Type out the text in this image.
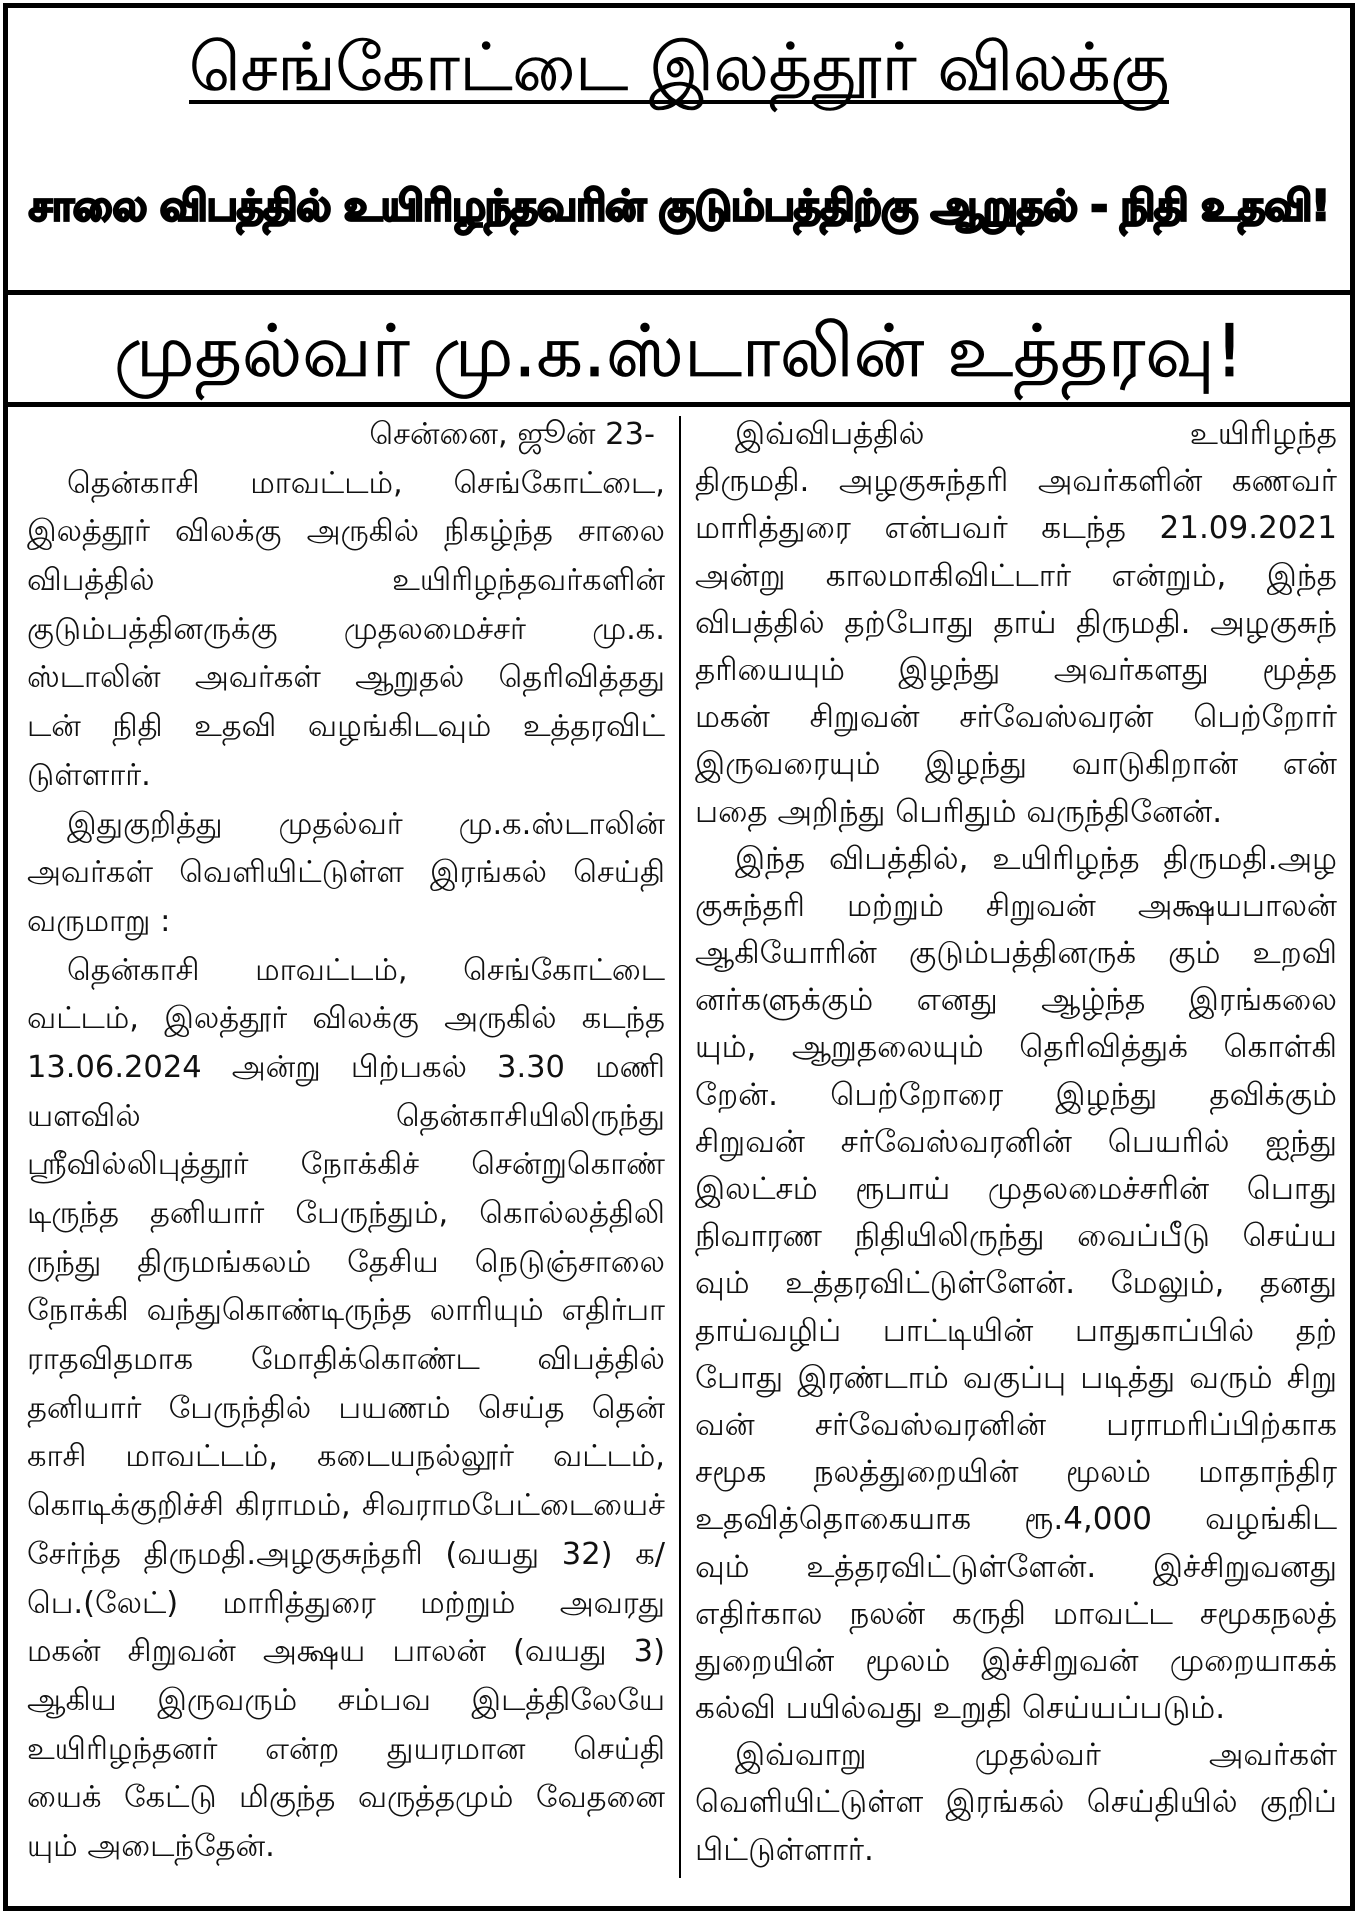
செங்கோட்டை இலத்தூர் விலக்கு
சாலை விபத்தில் உயிரிழந்தவரின் குடும்பத்திற்கு ஆறுதல் - நிதி உதவி!
முதல்வர் மு.க.ஸ்டாலின் உத்தரவு!
சென்னை, ஜூன் 23-
தென்காசி மாவட்டம், செங்கோட்டை,
இலத்தூர் விலக்கு அருகில் நிகழ்ந்த சாலை
விபத்தில் உயிரிழந்தவர்களின்
குடும்பத்தினருக்கு முதலமைச்சர் மு.க.
ஸ்டாலின் அவர்கள் ஆறுதல் தெரிவித்தது
டன் நிதி உதவி வழங்கிடவும் உத்தரவிட்
டுள்ளார்.
இதுகுறித்து முதல்வர் மு.க.ஸ்டாலின்
அவர்கள் வெளியிட்டுள்ள இரங்கல் செய்தி
வருமாறு :
தென்காசி மாவட்டம், செங்கோட்டை
வட்டம், இலத்தூர் விலக்கு அருகில் கடந்த
13.06.2024 அன்று பிற்பகல் 3.30 மணி
யளவில் தென்காசியிலிருந்து
ஸ்ரீவில்லிபுத்தூர் நோக்கிச் சென்றுகொண்
டிருந்த தனியார் பேருந்தும், கொல்லத்திலி
ருந்து திருமங்கலம் தேசிய நெடுஞ்சாலை
நோக்கி வந்துகொண்டிருந்த லாரியும் எதிர்பா
ராதவிதமாக மோதிக்கொண்ட விபத்தில்
தனியார் பேருந்தில் பயணம் செய்த தென்
காசி மாவட்டம், கடையநல்லூர் வட்டம்,
கொடிக்குறிச்சி கிராமம், சிவராமபேட்டையைச்
சேர்ந்த திருமதி.அழகுசுந்தரி (வயது 32) க/
பெ.(லேட்) மாரித்துரை மற்றும் அவரது
மகன் சிறுவன் அக்ஷய பாலன் (வயது 3)
ஆகிய இருவரும் சம்பவ இடத்திலேயே
உயிரிழந்தனர் என்ற துயரமான செய்தி
யைக் கேட்டு மிகுந்த வருத்தமும் வேதனை
யும் அடைந்தேன்.
இவ்விபத்தில் உயிரிழந்த
திருமதி. அழகுசுந்தரி அவர்களின் கணவர்
மாரித்துரை என்பவர் கடந்த 21.09.2021
அன்று காலமாகிவிட்டார் என்றும், இந்த
விபத்தில் தற்போது தாய் திருமதி. அழகுசுந்
தரியையும் இழந்து அவர்களது மூத்த
மகன் சிறுவன் சர்வேஸ்வரன் பெற்றோர்
இருவரையும் இழந்து வாடுகிறான் என்
பதை அறிந்து பெரிதும் வருந்தினேன்.
இந்த விபத்தில், உயிரிழந்த திருமதி.அழ
குசுந்தரி மற்றும் சிறுவன் அக்ஷயபாலன்
ஆகியோரின் குடும்பத்தினருக் கும் உறவி
னர்களுக்கும் எனது ஆழ்ந்த இரங்கலை
யும், ஆறுதலையும் தெரிவித்துக் கொள்கி
றேன். பெற்றோரை இழந்து தவிக்கும்
சிறுவன் சர்வேஸ்வரனின் பெயரில் ஐந்து
இலட்சம் ரூபாய் முதலமைச்சரின் பொது
நிவாரண நிதியிலிருந்து வைப்பீடு செய்ய
வும் உத்தரவிட்டுள்ளேன். மேலும், தனது
தாய்வழிப் பாட்டியின் பாதுகாப்பில் தற்
போது இரண்டாம் வகுப்பு படித்து வரும் சிறு
வன் சர்வேஸ்வரனின் பராமரிப்பிற்காக
சமூக நலத்துறையின் மூலம் மாதாந்திர
உதவித்தொகையாக ரூ.4,000 வழங்கிட
வும் உத்தரவிட்டுள்ளேன். இச்சிறுவனது
எதிர்கால நலன் கருதி மாவட்ட சமூகநலத்
துறையின் மூலம் இச்சிறுவன் முறையாகக்
கல்வி பயில்வது உறுதி செய்யப்படும்.
இவ்வாறு முதல்வர் அவர்கள்
வெளியிட்டுள்ள இரங்கல் செய்தியில் குறிப்
பிட்டுள்ளார்.
